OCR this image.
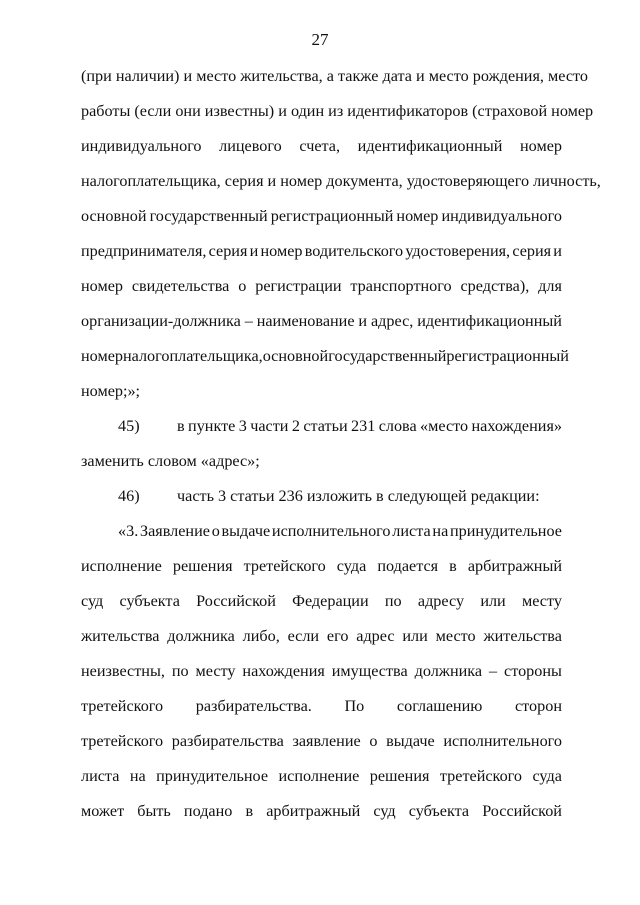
27
(при наличии) и место жительства, а также дата и место рождения, место
работы (если они известны) и один из идентификаторов (страховой номер
индивидуального лицевого счета, идентификационный номер
налогоплательщика, серия и номер документа, удостоверяющего личность,
основной государственный регистрационный номер индивидуального
предпринимателя, серия и номер водительского удостоверения, серия и
номер свидетельства о регистрации транспортного средства), для
организации-должника – наименование и адрес, идентификационный
номер налогоплательщика, основной государственный регистрационный
номер;»;
45) в пункте 3 части 2 статьи 231 слова «место нахождения»
заменить словом «адрес»;
46) часть 3 статьи 236 изложить в следующей редакции:
«3. Заявление о выдаче исполнительного листа на принудительное
исполнение решения третейского суда подается в арбитражный
суд субъекта Российской Федерации по адресу или месту
жительства должника либо, если его адрес или место жительства
неизвестны, по месту нахождения имущества должника – стороны
третейского разбирательства. По соглашению сторон
третейского разбирательства заявление о выдаче исполнительного
листа на принудительное исполнение решения третейского суда
может быть подано в арбитражный суд субъекта Российской
